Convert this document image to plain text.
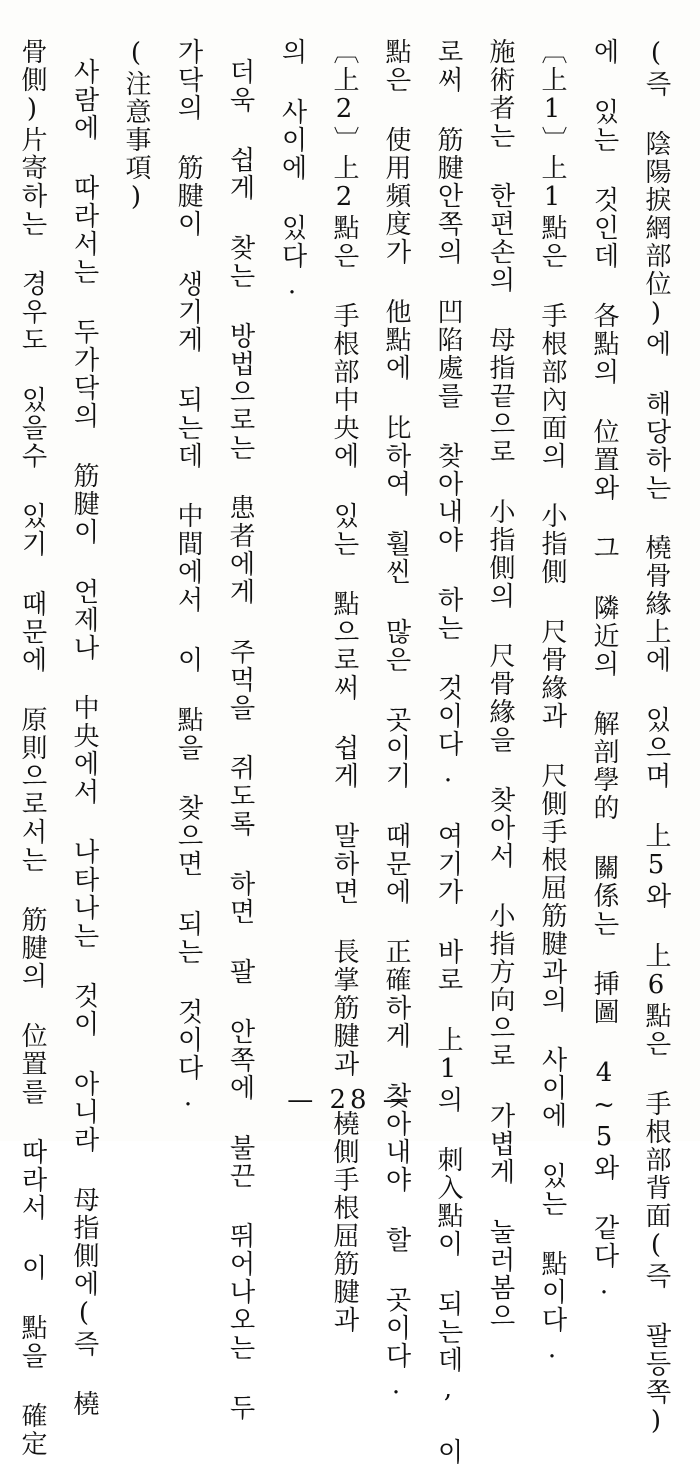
(즉 陰陽捩網部位)에 해당하는 橈骨緣上에 있으며 上5와 上6點은 手根部背面(즉 팔등쪽)
에 있는 것인데 各點의 位置와 그 隣近의 解剖學的 關係는 挿圖 4~5와 같다.
〔上1〕上1點은 手根部內面의 小指側 尺骨緣과 尺側手根屈筋腱과의 사이에 있는 點이다.
施術者는 한편손의 母指끝으로 小指側의 尺骨緣을 찾아서 小指方向으로 가볍게 눌러봄으
로써 筋腱안쪽의 凹陷處를 찾아내야 하는 것이다. 여기가 바로 上1의 刺入點이 되는데, 이
點은 使用頻度가 他點에 比하여 훨씬 많은 곳이기 때문에 正確하게 찾아내야 할 곳이다.
〔上2〕上2點은 手根部中央에 있는 點으로써 쉽게 말하면 長掌筋腱과 橈側手根屈筋腱과
의 사이에 있다.
더욱 쉽게 찾는 방법으로는 患者에게 주먹을 쥐도록 하면 팔 안쪽에 불끈 뛰어나오는 두
가닥의 筋腱이 생기게 되는데 中間에서 이 點을 찾으면 되는 것이다.
(注意事項)
사람에 따라서는 두가닥의 筋腱이 언제나 中央에서 나타나는 것이 아니라 母指側에(즉 橈
骨側)片寄하는 경우도 있을수 있기 때문에 原則으로서는 筋腱의 位置를 따라서 이 點을 確定	— 28 —
